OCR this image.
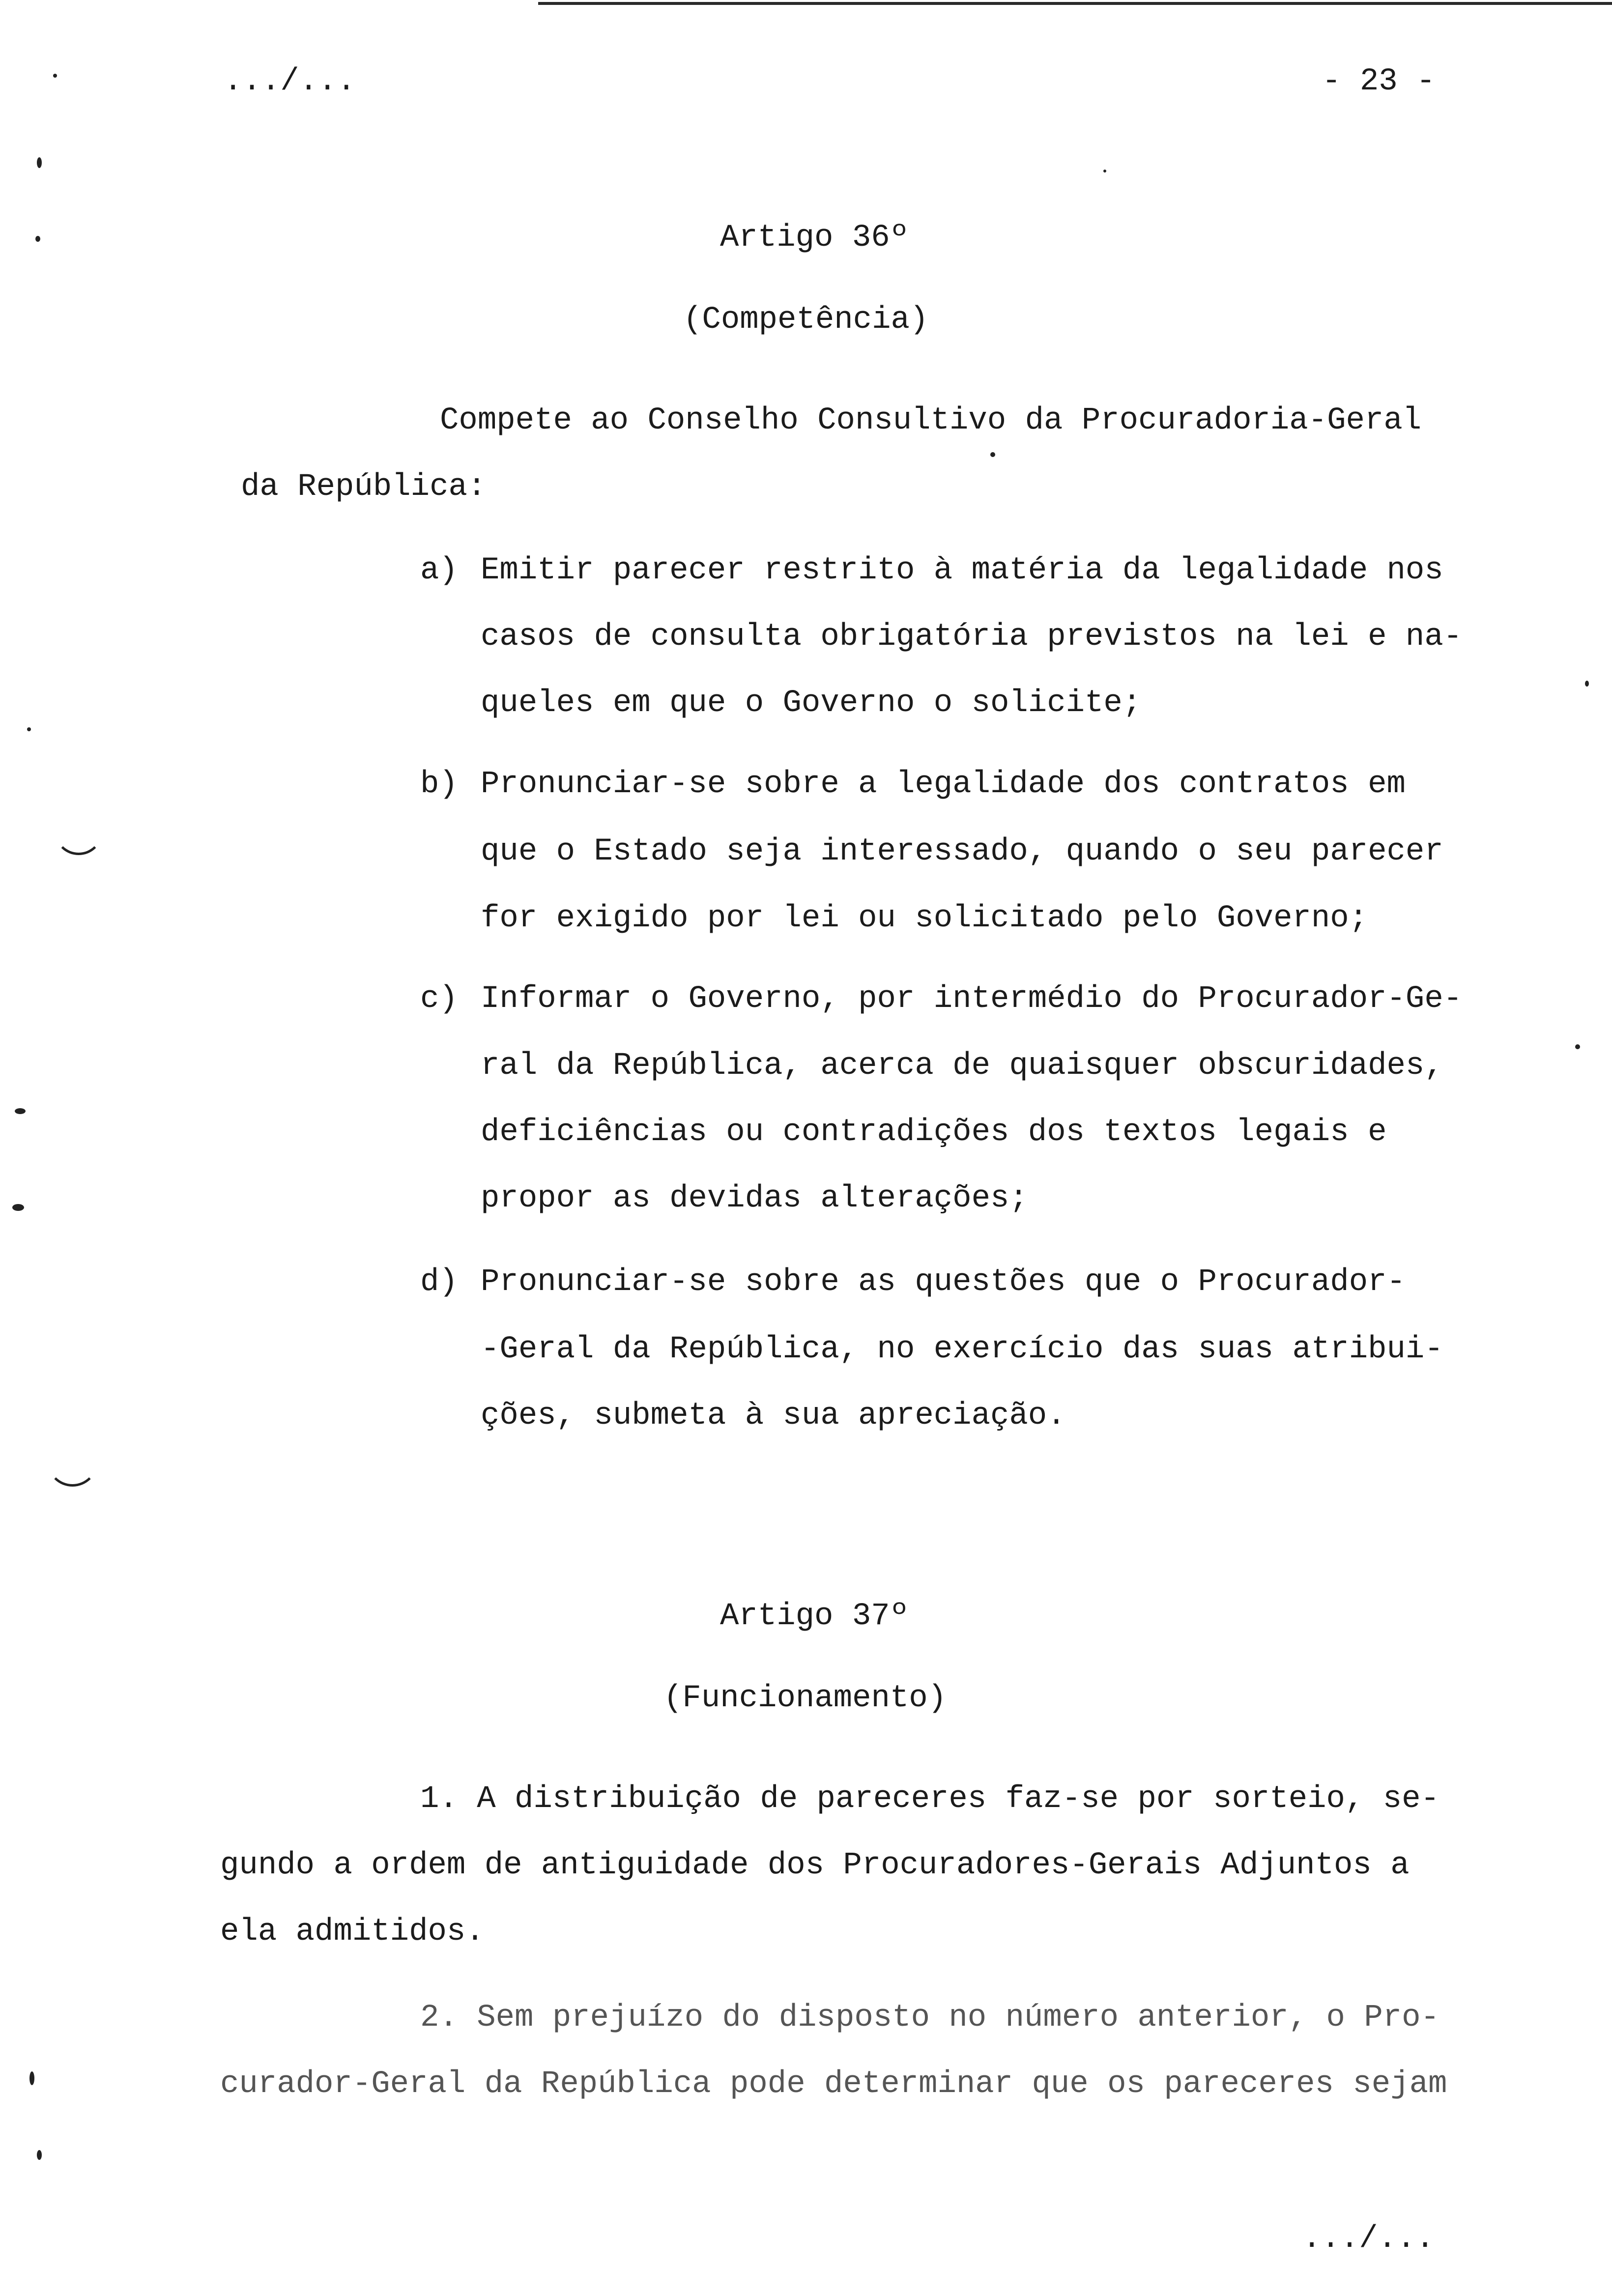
.../...	- 23 -
Artigo 36º
(Competência)
Compete ao Conselho Consultivo da Procuradoria-Geral
da República:
a) Emitir parecer restrito à matéria da legalidade nos
casos de consulta obrigatória previstos na lei e na-
queles em que o Governo o solicite;
b) Pronunciar-se sobre a legalidade dos contratos em
que o Estado seja interessado, quando o seu parecer
for exigido por lei ou solicitado pelo Governo;
c) Informar o Governo, por intermédio do Procurador-Ge-
ral da República, acerca de quaisquer obscuridades,
deficiências ou contradições dos textos legais e
propor as devidas alterações;
d) Pronunciar-se sobre as questões que o Procurador-
-Geral da República, no exercício das suas atribui-
ções, submeta à sua apreciação.
Artigo 37º
(Funcionamento)
1. A distribuição de pareceres faz-se por sorteio, se-
gundo a ordem de antiguidade dos Procuradores-Gerais Adjuntos a
ela admitidos.
2. Sem prejuízo do disposto no número anterior, o Pro-
curador-Geral da República pode determinar que os pareceres sejam
.../...
